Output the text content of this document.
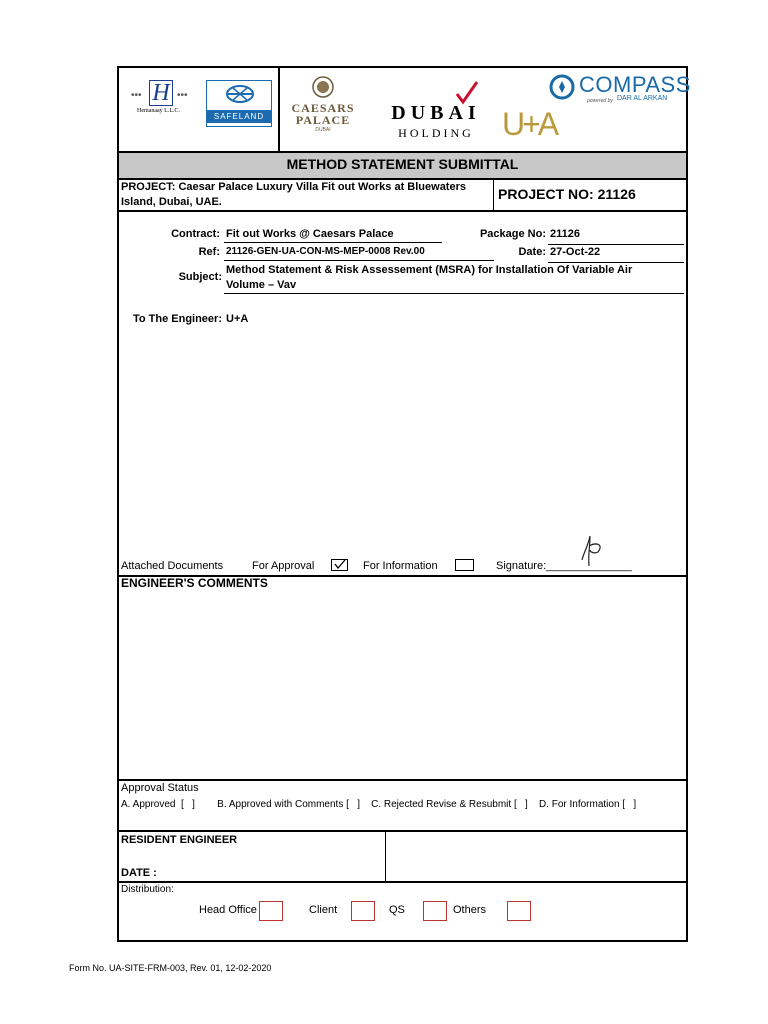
••• H •••
Hemanaay L.L.C.
SAFELAND
CAESARS
PALACE
DUBAI
DUBAI
HOLDING U+A
COMPASS
powered by DAR AL ARKAN
METHOD STATEMENT SUBMITTAL
PROJECT: Caesar Palace Luxury Villa Fit out Works at Bluewaters
Island, Dubai, UAE.	PROJECT NO: 21126
Contract: Fit out Works @ Caesars Palace	Package No: 21126
Ref: 21126-GEN-UA-CON-MS-MEP-0008 Rev.00	Date: 27-Oct-22
Subject:
Method Statement & Risk Assessement (MSRA) for Installation Of Variable Air
Volume – Vav
To The Engineer: U+A
Attached Documents	For Approval	For Information	Signature:______________
ENGINEER'S COMMENTS
Approval Status
A. Approved  [   ]        B. Approved with Comments [   ]    C. Rejected Revise & Resubmit [   ]    D. For Information [   ]
RESIDENT ENGINEER
DATE :
Distribution:
Head Office	Client	QS	Others
Form No. UA-SITE-FRM-003, Rev. 01, 12-02-2020
